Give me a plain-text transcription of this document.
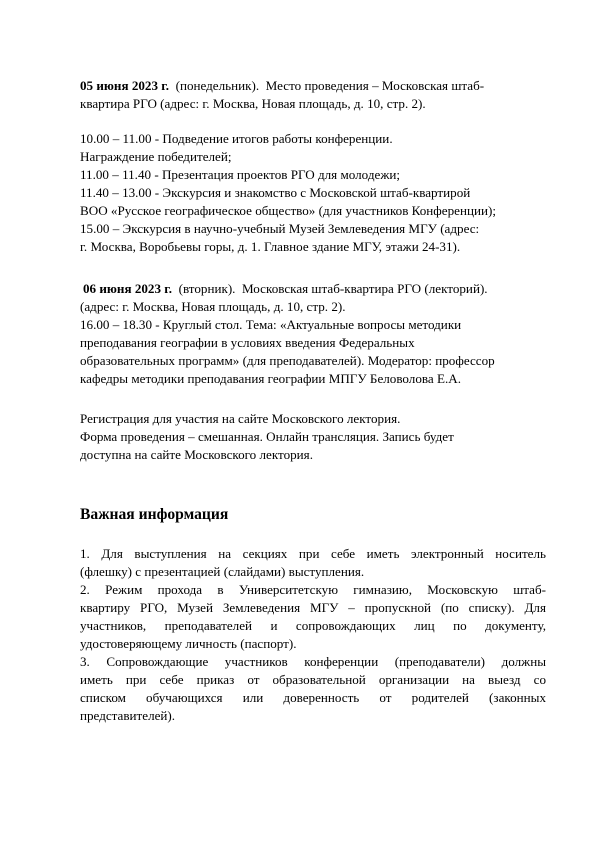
05 июня 2023 г.  (понедельник).  Место проведения – Московская штаб-
квартира РГО (адрес: г. Москва, Новая площадь, д. 10, стр. 2).
10.00 – 11.00 - Подведение итогов работы конференции.
Награждение победителей;
11.00 – 11.40 - Презентация проектов РГО для молодежи;
11.40 – 13.00 - Экскурсия и знакомство с Московской штаб-квартирой
ВОО «Русское географическое общество» (для участников Конференции);
15.00 – Экскурсия в научно-учебный Музей Землеведения МГУ (адрес:
г. Москва, Воробьевы горы, д. 1. Главное здание МГУ, этажи 24-31).
06 июня 2023 г.  (вторник).  Московская штаб-квартира РГО (лекторий).
(адрес: г. Москва, Новая площадь, д. 10, стр. 2).
16.00 – 18.30 - Круглый стол. Тема: «Актуальные вопросы методики
преподавания географии в условиях введения Федеральных
образовательных программ» (для преподавателей). Модератор: профессор
кафедры методики преподавания географии МПГУ Беловолова Е.А.
Регистрация для участия на сайте Московского лектория.
Форма проведения – смешанная. Онлайн трансляция. Запись будет
доступна на сайте Московского лектория.
Важная информация
1. Для выступления на секциях при себе иметь электронный носитель
(флешку) с презентацией (слайдами) выступления.
2. Режим прохода в Университетскую гимназию, Московскую штаб-
квартиру РГО, Музей Землеведения МГУ – пропускной (по списку). Для
участников, преподавателей и сопровождающих лиц по документу,
удостоверяющему личность (паспорт).
3. Сопровождающие участников конференции (преподаватели) должны
иметь при себе приказ от образовательной организации на выезд со
списком обучающихся или доверенность от родителей (законных
представителей).
